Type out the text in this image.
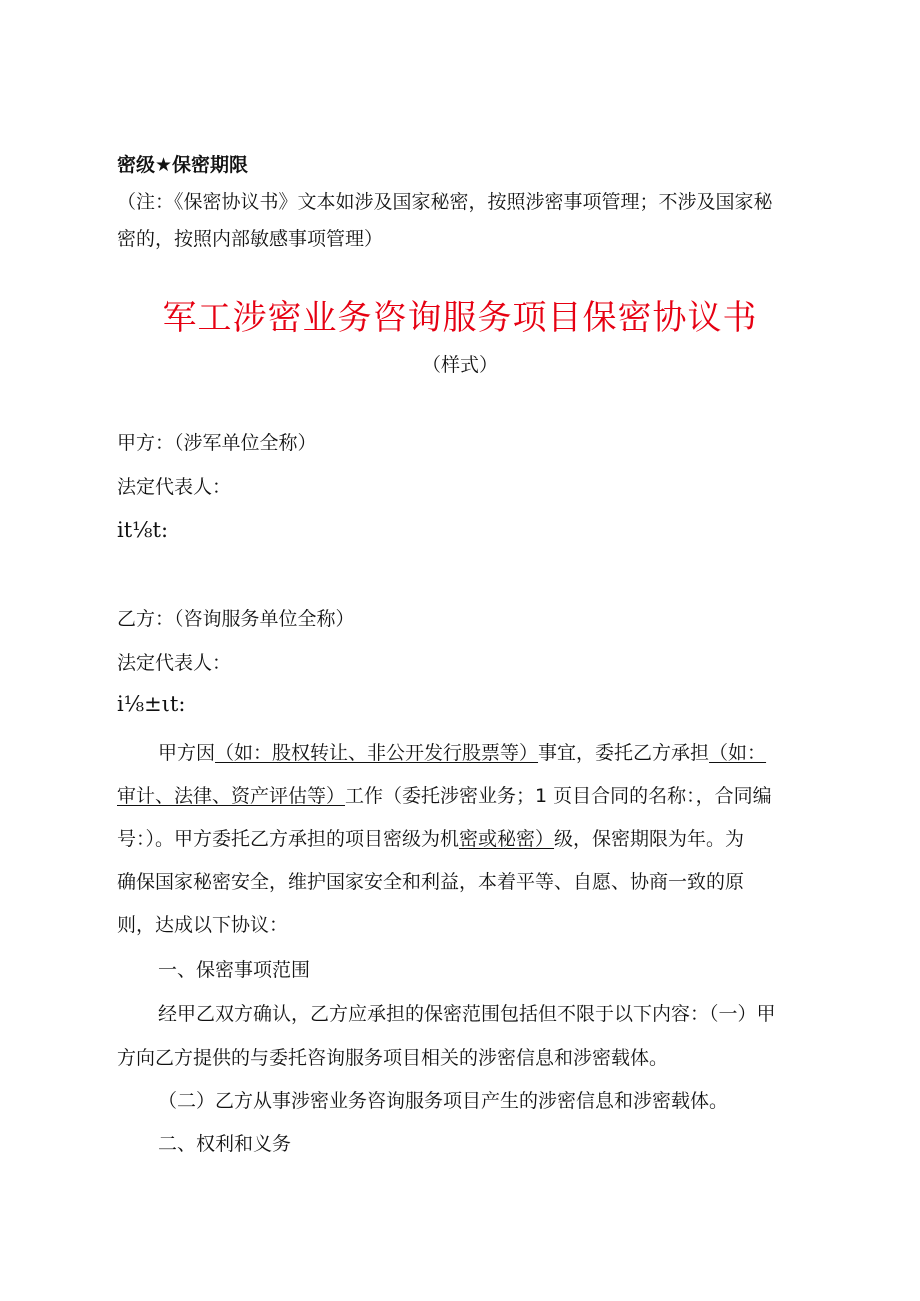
密级★保密期限
（注：《保密协议书》文本如涉及国家秘密，按照涉密事项管理；不涉及国家秘
密的，按照内部敏感事项管理）
军工涉密业务咨询服务项目保密协议书
（样式）
甲方：（涉军单位全称）
法定代表人：
it⅛t:
乙方：（咨询服务单位全称）
法定代表人：
i⅛±ιt:
甲方因（如：股权转让、非公开发行股票等）事宜，委托乙方承担（如：
审计、法律、资产评估等）工作（委托涉密业务；1 页目合同的名称：，合同编
号：）。甲方委托乙方承担的项目密级为机密或秘密）级，保密期限为年。为
确保国家秘密安全，维护国家安全和利益，本着平等、自愿、协商一致的原
则，达成以下协议：
一、保密事项范围
经甲乙双方确认，乙方应承担的保密范围包括但不限于以下内容：（一）甲
方向乙方提供的与委托咨询服务项目相关的涉密信息和涉密载体。
（二）乙方从事涉密业务咨询服务项目产生的涉密信息和涉密载体。
二、权利和义务
